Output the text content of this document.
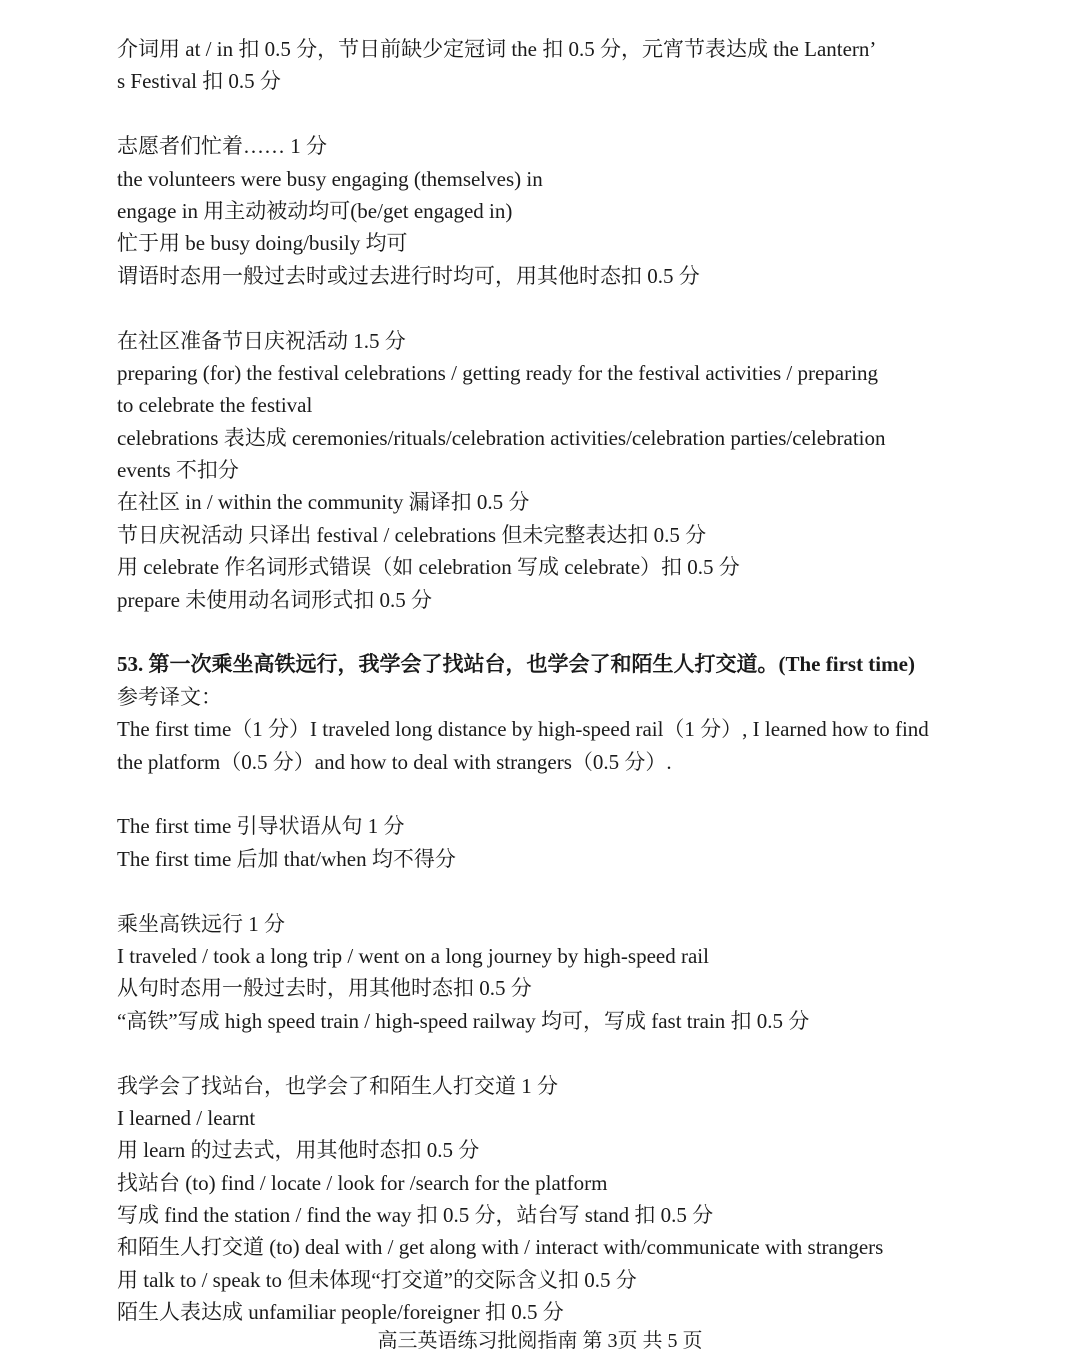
介词用 at / in 扣 0.5 分，节日前缺少定冠词 the 扣 0.5 分，元宵节表达成 the Lantern’
s Festival 扣 0.5 分
志愿者们忙着…… 1 分
the volunteers were busy engaging (themselves) in
engage in 用主动被动均可(be/get engaged in)
忙于用 be busy doing/busily 均可
谓语时态用一般过去时或过去进行时均可，用其他时态扣 0.5 分
在社区准备节日庆祝活动 1.5 分
preparing (for) the festival celebrations / getting ready for the festival activities / preparing
to celebrate the festival
celebrations 表达成 ceremonies/rituals/celebration activities/celebration parties/celebration
events 不扣分
在社区 in / within the community 漏译扣 0.5 分
节日庆祝活动 只译出 festival / celebrations 但未完整表达扣 0.5 分
用 celebrate 作名词形式错误（如 celebration 写成 celebrate）扣 0.5 分
prepare 未使用动名词形式扣 0.5 分
53. 第一次乘坐高铁远行，我学会了找站台，也学会了和陌生人打交道。(The first time)
参考译文：
The first time（1 分）I traveled long distance by high-speed rail（1 分）, I learned how to find
the platform（0.5 分）and how to deal with strangers（0.5 分）.
The first time 引导状语从句 1 分
The first time 后加 that/when 均不得分
乘坐高铁远行 1 分
I traveled / took a long trip / went on a long journey by high-speed rail
从句时态用一般过去时，用其他时态扣 0.5 分
“高铁”写成 high speed train / high-speed railway 均可，写成 fast train 扣 0.5 分
我学会了找站台，也学会了和陌生人打交道 1 分
I learned / learnt
用 learn 的过去式，用其他时态扣 0.5 分
找站台 (to) find / locate / look for /search for the platform
写成 find the station / find the way 扣 0.5 分，站台写 stand 扣 0.5 分
和陌生人打交道 (to) deal with / get along with / interact with/communicate with strangers
用 talk to / speak to 但未体现“打交道”的交际含义扣 0.5 分
陌生人表达成 unfamiliar people/foreigner 扣 0.5 分
高三英语练习批阅指南 第 3页 共 5 页
